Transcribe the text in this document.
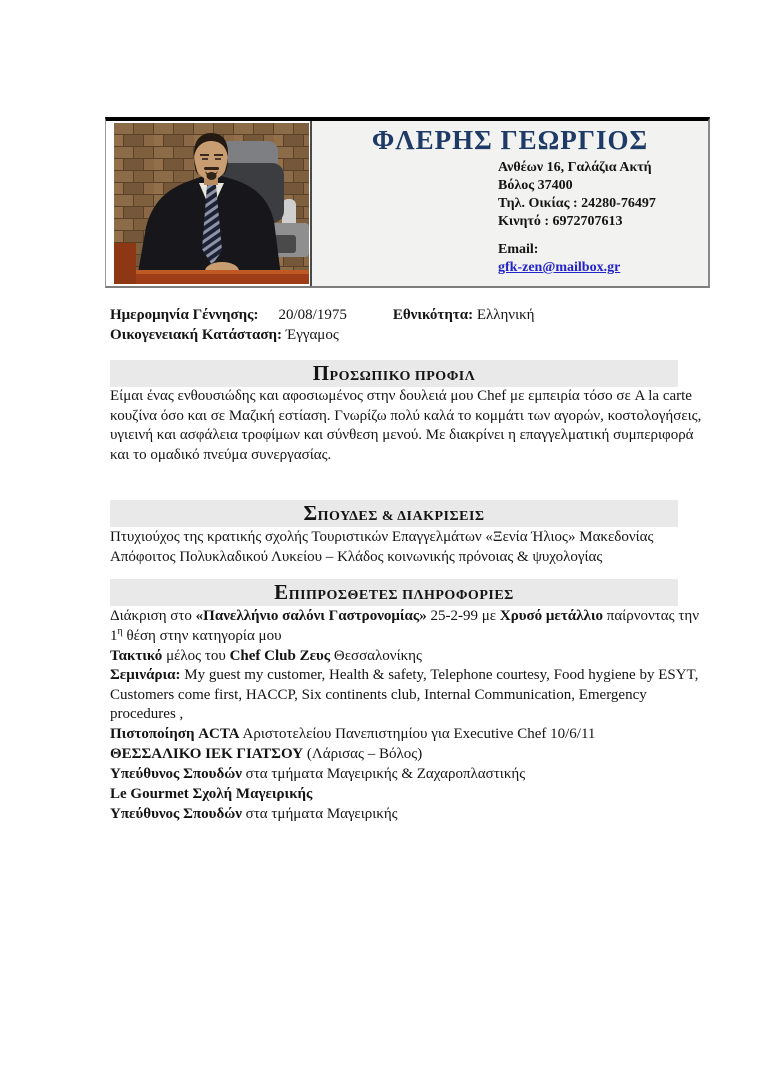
ΦΛΕΡΗΣ ΓΕΩΡΓΙΟΣ
Ανθέων 16, Γαλάζια Ακτή
Βόλος 37400
Τηλ. Οικίας : 24280-76497
Κινητό : 6972707613
Email:
gfk-zen@mailbox.gr

Ημερομηνία Γέννησης: 20/08/1975	Εθνικότητα: Ελληνική

Οικογενειακή Κατάσταση: Έγγαμος

ΠΡΟΣΩΠΙΚΟ ΠΡΟΦΙΛ

Είμαι ένας ενθουσιώδης και αφοσιωμένος στην δουλειά μου Chef με εμπειρία τόσο σε A la carte κουζίνα όσο και σε Μαζική εστίαση. Γνωρίζω πολύ καλά το κομμάτι των αγορών, κοστολογήσεις, υγιεινή και ασφάλεια τροφίμων και σύνθεση μενού. Με διακρίνει η επαγγελματική συμπεριφορά και το ομαδικό πνεύμα συνεργασίας.

ΣΠΟΥΔΕΣ & ΔΙΑΚΡΙΣΕΙΣ

Πτυχιούχος της κρατικής σχολής Τουριστικών Επαγγελμάτων «Ξενία Ήλιος» Μακεδονίας

Απόφοιτος Πολυκλαδικού Λυκείου – Κλάδος κοινωνικής πρόνοιας & ψυχολογίας

ΕΠΙΠΡΟΣΘΕΤΕΣ ΠΛΗΡΟΦΟΡΙΕΣ

Διάκριση στο «Πανελλήνιο σαλόνι Γαστρονομίας» 25-2-99 με Χρυσό μετάλλιο παίρνοντας την $1^\eta$ θέση στην κατηγορία μου

Τακτικό μέλος του Chef Club Ζευς Θεσσαλονίκης

Σεμινάρια: My guest my customer, Health & safety, Telephone courtesy, Food hygiene by ESYT, Customers come first, HACCP, Six continents club, Internal Communication, Emergency procedures ,
Πιστοποίηση ACTA Αριστοτελείου Πανεπιστημίου για Executive Chef 10/6/11

ΘΕΣΣΑΛΙΚΟ ΙΕΚ ΓΙΑΤΣΟΥ (Λάρισας – Βόλος)
Υπεύθυνος Σπουδών στα τμήματα Μαγειρικής & Ζαχαροπλαστικής

Le Gourmet Σχολή Μαγειρικής
Υπεύθυνος Σπουδών στα τμήματα Μαγειρικής
